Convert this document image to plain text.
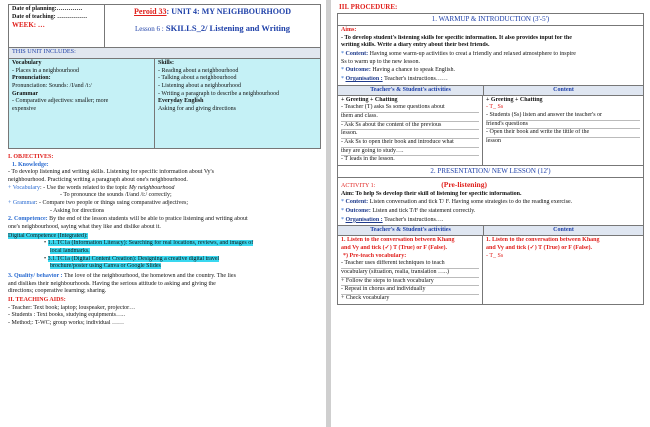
Date of planning:………….
Date of teaching: ……………
WEEK: …
Peroid 33: UNIT 4: MY NEIGHBOURHOOD
Lesson 6 : SKILLS_2/ Listening and Writing
THIS UNIT INCLUDES:
Vocabulary
- Places in a neighbourhood
Pronunciation:
Pronunciation: Sounds: /I/and /i:/
Grammar
- Comparative adjectives: smaller; more
expensive
Skills:
- Reading about a neighbourhood
- Talking about a neighbourhood
- Listening about a neighbourhood
- Writing a paragraph to describe a neighbourhood
Everyday English
Asking for and giving directions
I. OBJECTIVES:
1. Knowledge:
- To develop listening and writing skills. Listening for specific information about Vy's
neighbourhood. Practicing writing a paragraph about one's neighbourhood.
+ Vocabulary: - Use the words related to the topic My neighbourhood
- To pronounce the sounds /I/and /i:/ correctly;
+ Grammar: - Compare two people or things using comparative adjectives;
- Asking for directions
2. Competence: By the end of the lesson students will be able to pratice listening and writing about
one's neighbourhood, saying what they like and dislike about it.
Digital Competence (Integrated):
• 1.1.TC1a (Information Literacy): Searching for real locations, reviews, and images of
local landmarks.
• 3.1.TC1a (Digital Content Creation): Designing a creative digital travel
brochure/poster using Canva or Google Slides
3. Quality/ behavior : The love of the neighbourhood, the hometown and the country. The lies
and dislikes their neighbourhoods. Having the serious attitude to asking and giving the
directions; cooperative learning; sharing.
II. TEACHING AIDS:
- Teacher: Text book; laptop; louspeaker, projector…
- Students : Text books, studying equipments…..
- Method;: T-WC; group works; individual ……
III. PROCEDURE:
1. WARMUP & INTRODUCTION (3'-5')
Aims:
- To develop student's listening skills for specific information. It also provides input for the
writing skills. Write a diary entry about their best friends.
* Content: Having some warm-up activities to creat a friendly and relaxed atmostphere to inspire
Ss to warm up to the new lesson.
* Outcome: Having a chance to speak English.
* Organisation : Teacher's instructions……
Teacher's & Student's activities	Content
+ Greeting + Chatting
- Teacher (T) asks Ss some questions about
them and class.
- Ask Ss about the content of the previous
lesson.
- Ask Ss to open their book and introduce what
they are going to study….
- T leads in the lesson.
+ Greeting + Chatting
- T_ Ss
- Students (Ss) listen and answer the teacher's or
friend's questions
- Open their book and write the tittle of the
lesson
2. PRESENTATION/ NEW LESSON (12')
ACTIVITY 1:	(Pre-listening)
Aim: To help Ss develop their skill of listening for specific information.
* Content: Listen conversation and tick T/ F. Having some strategies to do the reading exercise.
* Outcome: Listen and tick T/F the statement correctly.
* Organisation : Teacher's instructions….
Teacher's & Student's activities	Content
1. Listen to the conversation between Khang
and Vy and tick (✓) T (True) or F (False).
*) Pre-teach vocabulary:
- Teacher uses different techniques to teach
vocabulary (situation, realia, translation …..)
+ Follow the steps to teach vocabulary
- Repeat in chorus and individually
+ Check vocabulary
1. Listen to the conversation between Khang
and Vy and tick (✓) T (True) or F (False).
- T_ Ss
